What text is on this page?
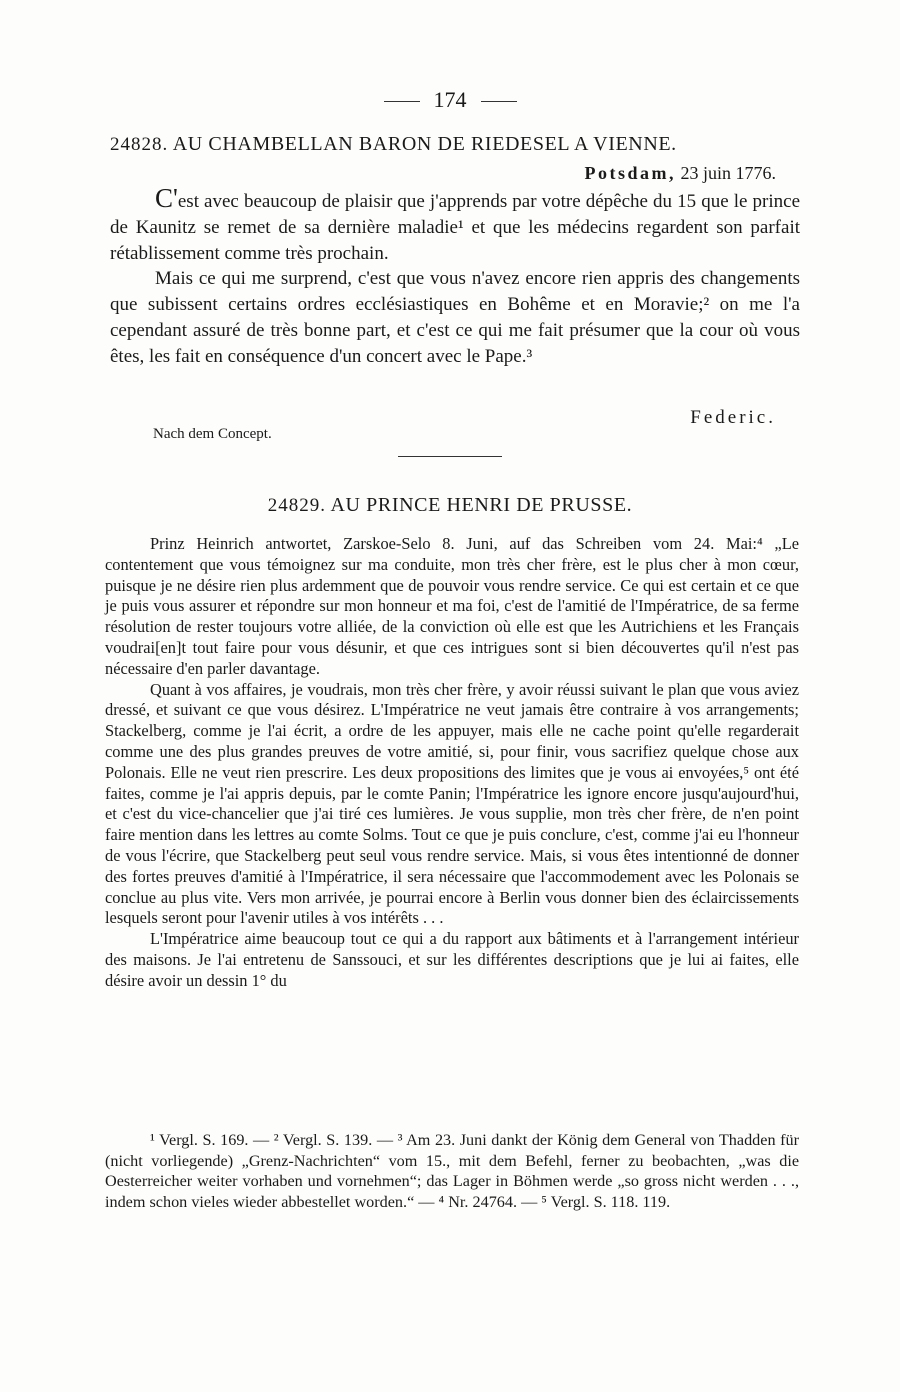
174
24828. AU CHAMBELLAN BARON DE RIEDESEL A VIENNE.
Potsdam, 23 juin 1776.

C'est avec beaucoup de plaisir que j'apprends par votre dépêche du 15 que le prince de Kaunitz se remet de sa dernière maladie¹ et que les médecins regardent son parfait rétablissement comme très prochain.

Mais ce qui me surprend, c'est que vous n'avez encore rien appris des changements que subissent certains ordres ecclésiastiques en Bohême et en Moravie;² on me l'a cependant assuré de très bonne part, et c'est ce qui me fait présumer que la cour où vous êtes, les fait en conséquence d'un concert avec le Pape.³

Federic.
Nach dem Concept.
24829. AU PRINCE HENRI DE PRUSSE.

Prinz Heinrich antwortet, Zarskoe-Selo 8. Juni, auf das Schreiben vom 24. Mai:⁴ „Le contentement que vous témoignez sur ma conduite, mon très cher frère, est le plus cher à mon cœur, puisque je ne désire rien plus ardemment que de pouvoir vous rendre service. Ce qui est certain et ce que je puis vous assurer et répondre sur mon honneur et ma foi, c'est de l'amitié de l'Impératrice, de sa ferme résolution de rester toujours votre alliée, de la conviction où elle est que les Autrichiens et les Français voudrai[en]t tout faire pour vous désunir, et que ces intrigues sont si bien découvertes qu'il n'est pas nécessaire d'en parler davantage.

Quant à vos affaires, je voudrais, mon très cher frère, y avoir réussi suivant le plan que vous aviez dressé, et suivant ce que vous désirez. L'Impératrice ne veut jamais être contraire à vos arrangements; Stackelberg, comme je l'ai écrit, a ordre de les appuyer, mais elle ne cache point qu'elle regarderait comme une des plus grandes preuves de votre amitié, si, pour finir, vous sacrifiez quelque chose aux Polonais. Elle ne veut rien prescrire. Les deux propositions des limites que je vous ai envoyées,⁵ ont été faites, comme je l'ai appris depuis, par le comte Panin; l'Impératrice les ignore encore jusqu'aujourd'hui, et c'est du vice-chancelier que j'ai tiré ces lumières. Je vous supplie, mon très cher frère, de n'en point faire mention dans les lettres au comte Solms. Tout ce que je puis conclure, c'est, comme j'ai eu l'honneur de vous l'écrire, que Stackelberg peut seul vous rendre service. Mais, si vous êtes intentionné de donner des fortes preuves d'amitié à l'Impératrice, il sera nécessaire que l'accommodement avec les Polonais se conclue au plus vite. Vers mon arrivée, je pourrai encore à Berlin vous donner bien des éclaircissements lesquels seront pour l'avenir utiles à vos intérêts . . .

L'Impératrice aime beaucoup tout ce qui a du rapport aux bâtiments et à l'arrangement intérieur des maisons. Je l'ai entretenu de Sanssouci, et sur les différentes descriptions que je lui ai faites, elle désire avoir un dessin 1° du

¹ Vergl. S. 169. — ² Vergl. S. 139. — ³ Am 23. Juni dankt der König dem General von Thadden für (nicht vorliegende) „Grenz-Nachrichten“ vom 15., mit dem Befehl, ferner zu beobachten, „was die Oesterreicher weiter vorhaben und vornehmen“; das Lager in Böhmen werde „so gross nicht werden . . ., indem schon vieles wieder abbestellet worden.“ — ⁴ Nr. 24764. — ⁵ Vergl. S. 118. 119.
